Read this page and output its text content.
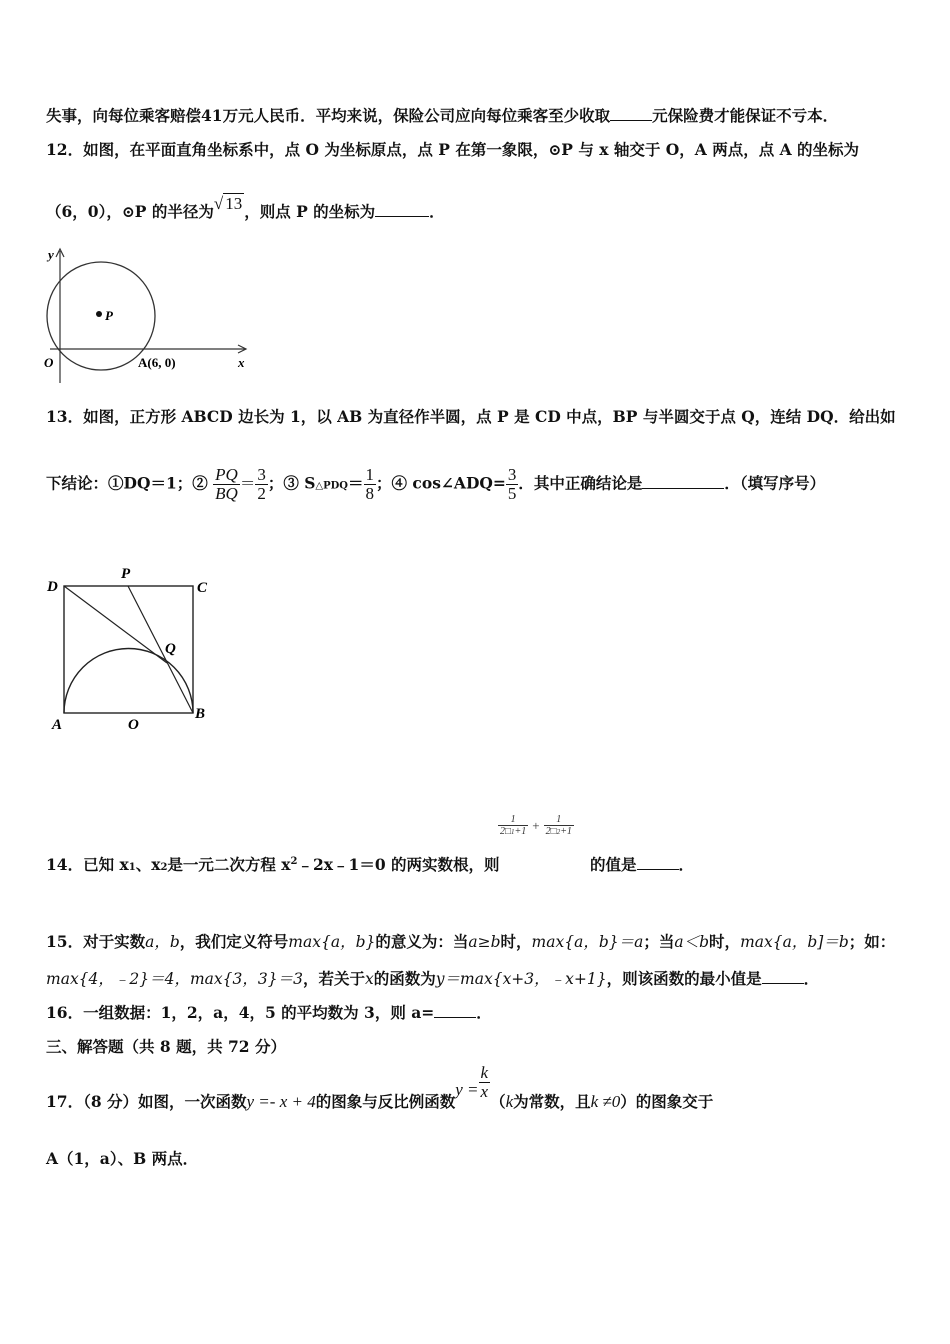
失事，向每位乘客赔偿41万元人民币．平均来说，保险公司应向每位乘客至少收取	元保险费才能保证不亏本．
12．如图，在平面直角坐标系中，点 O 为坐标原点，点 P 在第一象限，⊙P 与 x 轴交于 O，A 两点，点 A 的坐标为
（6，0），⊙P 的半径为√ 13 ，则点 P 的坐标为	．
y
x
O
P
A(6, 0)
13．如图，正方形 ABCD 边长为 1，以 AB 为直径作半圆，点 P 是 CD 中点，BP 与半圆交于点 Q，连结 DQ．给出如
下结论：①DQ＝1；② $\frac{PQ}{BQ} = \frac{3}{2}$ ；③ S△PDQ＝ $\frac{1}{8}$ ；④ cos∠ADQ= $\frac{3}{5}$ ．其中正确结论是	．（填写序号）
D
P
C
Q
A	O
B
$\frac{1}{2□1+1} + \frac{1}{2□2+1}$
14．已知 x1、x2是一元二次方程 $x^2﹣2x﹣1=0$ 的两实数根，则	的值是	．
15．对于实数a，b，我们定义符号max{a，b}的意义为：当a≥b时，max{a，b}＝a；当a＜b时，max{a，b]＝b；如：
max{4，﹣2}＝4，max{3，3}＝3，若关于x的函数为y＝max{x+3，﹣x+1}，则该函数的最小值是	．
16．一组数据：1，2，a，4，5 的平均数为 3，则 a=	．
三、解答题（共 8 题，共 72 分）
17．（8 分）如图，一次函数y =- x + 4的图象与反比例函数$y = \frac{k}{x} (k$为常数，且k ≠0）的图象交于
A（1，a）、B 两点．
